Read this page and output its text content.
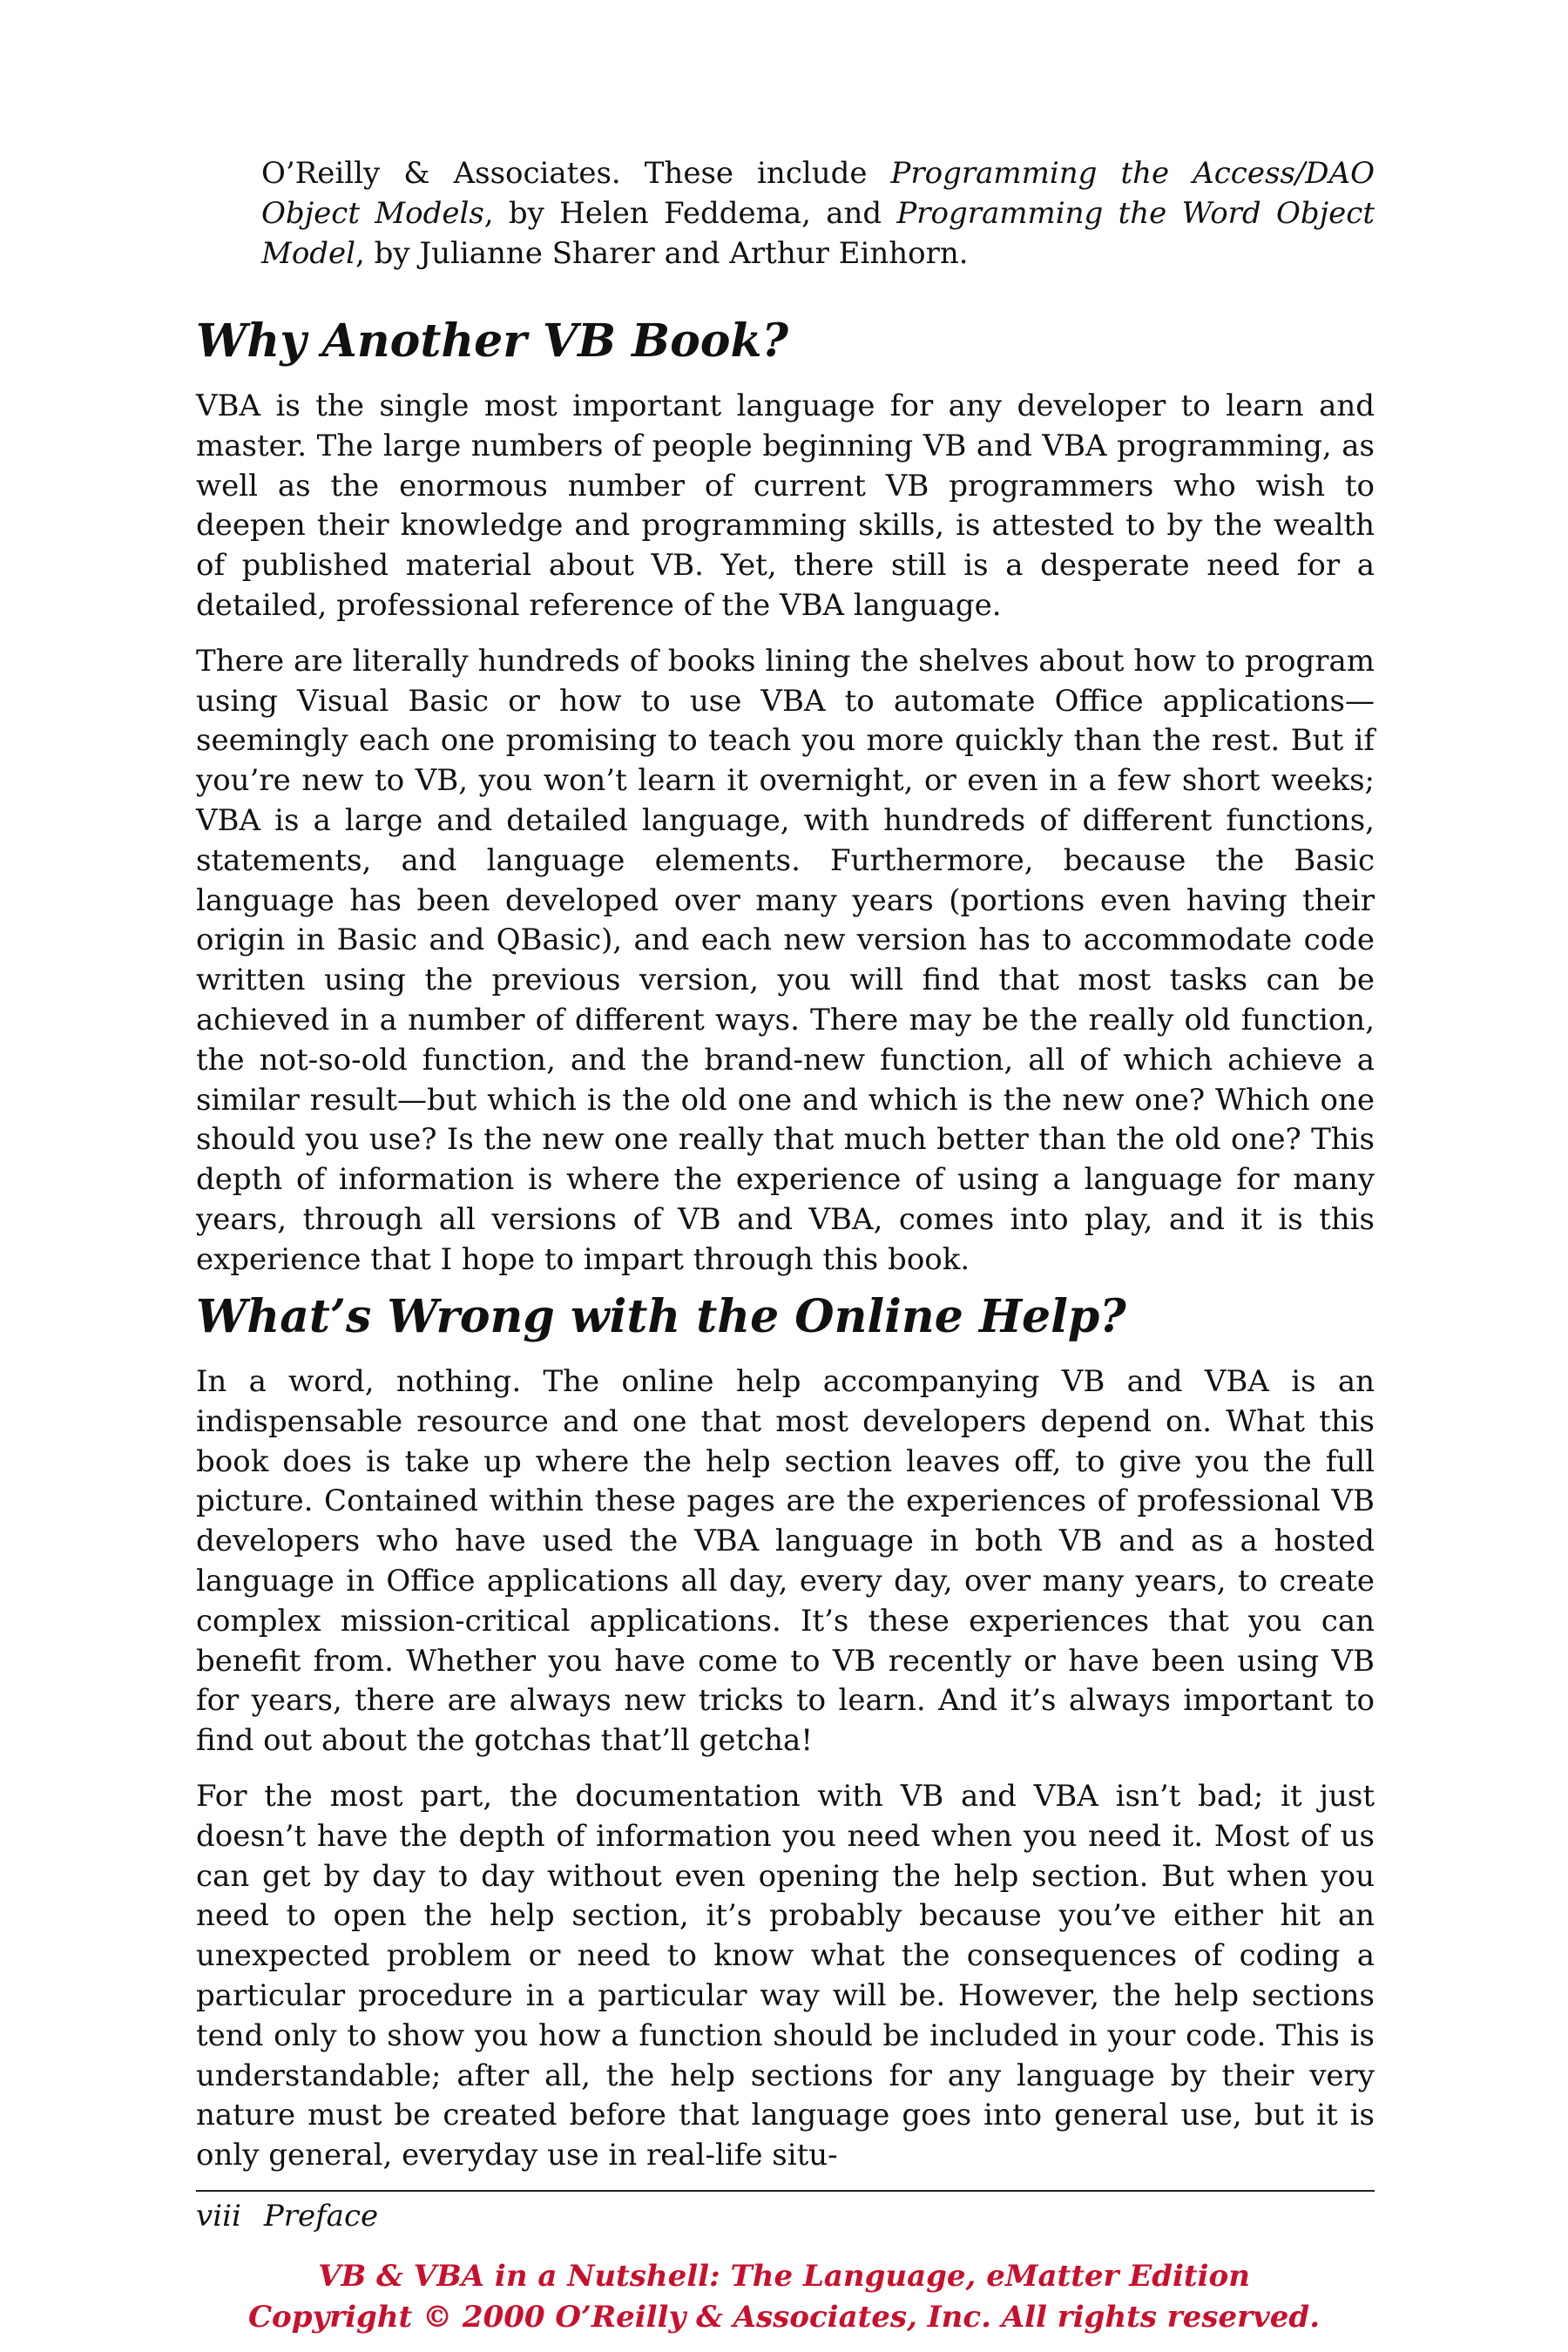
O’Reilly & Associates. These include Programming the Access/DAO Object Models, by Helen Feddema, and Programming the Word Object Model, by Julianne Sharer and Arthur Einhorn.

Why Another VB Book?

VBA is the single most important language for any developer to learn and master. The large numbers of people beginning VB and VBA programming, as well as the enormous number of current VB programmers who wish to deepen their knowledge and programming skills, is attested to by the wealth of published material about VB. Yet, there still is a desperate need for a detailed, professional reference of the VBA language.

There are literally hundreds of books lining the shelves about how to program using Visual Basic or how to use VBA to automate Office applications—seemingly each one promising to teach you more quickly than the rest. But if you’re new to VB, you won’t learn it overnight, or even in a few short weeks; VBA is a large and detailed language, with hundreds of different functions, statements, and language elements. Furthermore, because the Basic language has been developed over many years (portions even having their origin in Basic and QBasic), and each new version has to accommodate code written using the previous version, you will find that most tasks can be achieved in a number of different ways. There may be the really old function, the not-so-old function, and the brand-new function, all of which achieve a similar result—but which is the old one and which is the new one? Which one should you use? Is the new one really that much better than the old one? This depth of information is where the experience of using a language for many years, through all versions of VB and VBA, comes into play, and it is this experience that I hope to impart through this book.

What’s Wrong with the Online Help?

In a word, nothing. The online help accompanying VB and VBA is an indispensable resource and one that most developers depend on. What this book does is take up where the help section leaves off, to give you the full picture. Contained within these pages are the experiences of professional VB developers who have used the VBA language in both VB and as a hosted language in Office applications all day, every day, over many years, to create complex mission-critical applications. It’s these experiences that you can benefit from. Whether you have come to VB recently or have been using VB for years, there are always new tricks to learn. And it’s always important to find out about the gotchas that’ll getcha!

For the most part, the documentation with VB and VBA isn’t bad; it just doesn’t have the depth of information you need when you need it. Most of us can get by day to day without even opening the help section. But when you need to open the help section, it’s probably because you’ve either hit an unexpected problem or need to know what the consequences of coding a particular procedure in a particular way will be. However, the help sections tend only to show you how a function should be included in your code. This is understandable; after all, the help sections for any language by their very nature must be created before that language goes into general use, but it is only general, everyday use in real-life situ-

viii Preface
VB & VBA in a Nutshell: The Language, eMatter Edition
Copyright © 2000 O’Reilly & Associates, Inc. All rights reserved.
